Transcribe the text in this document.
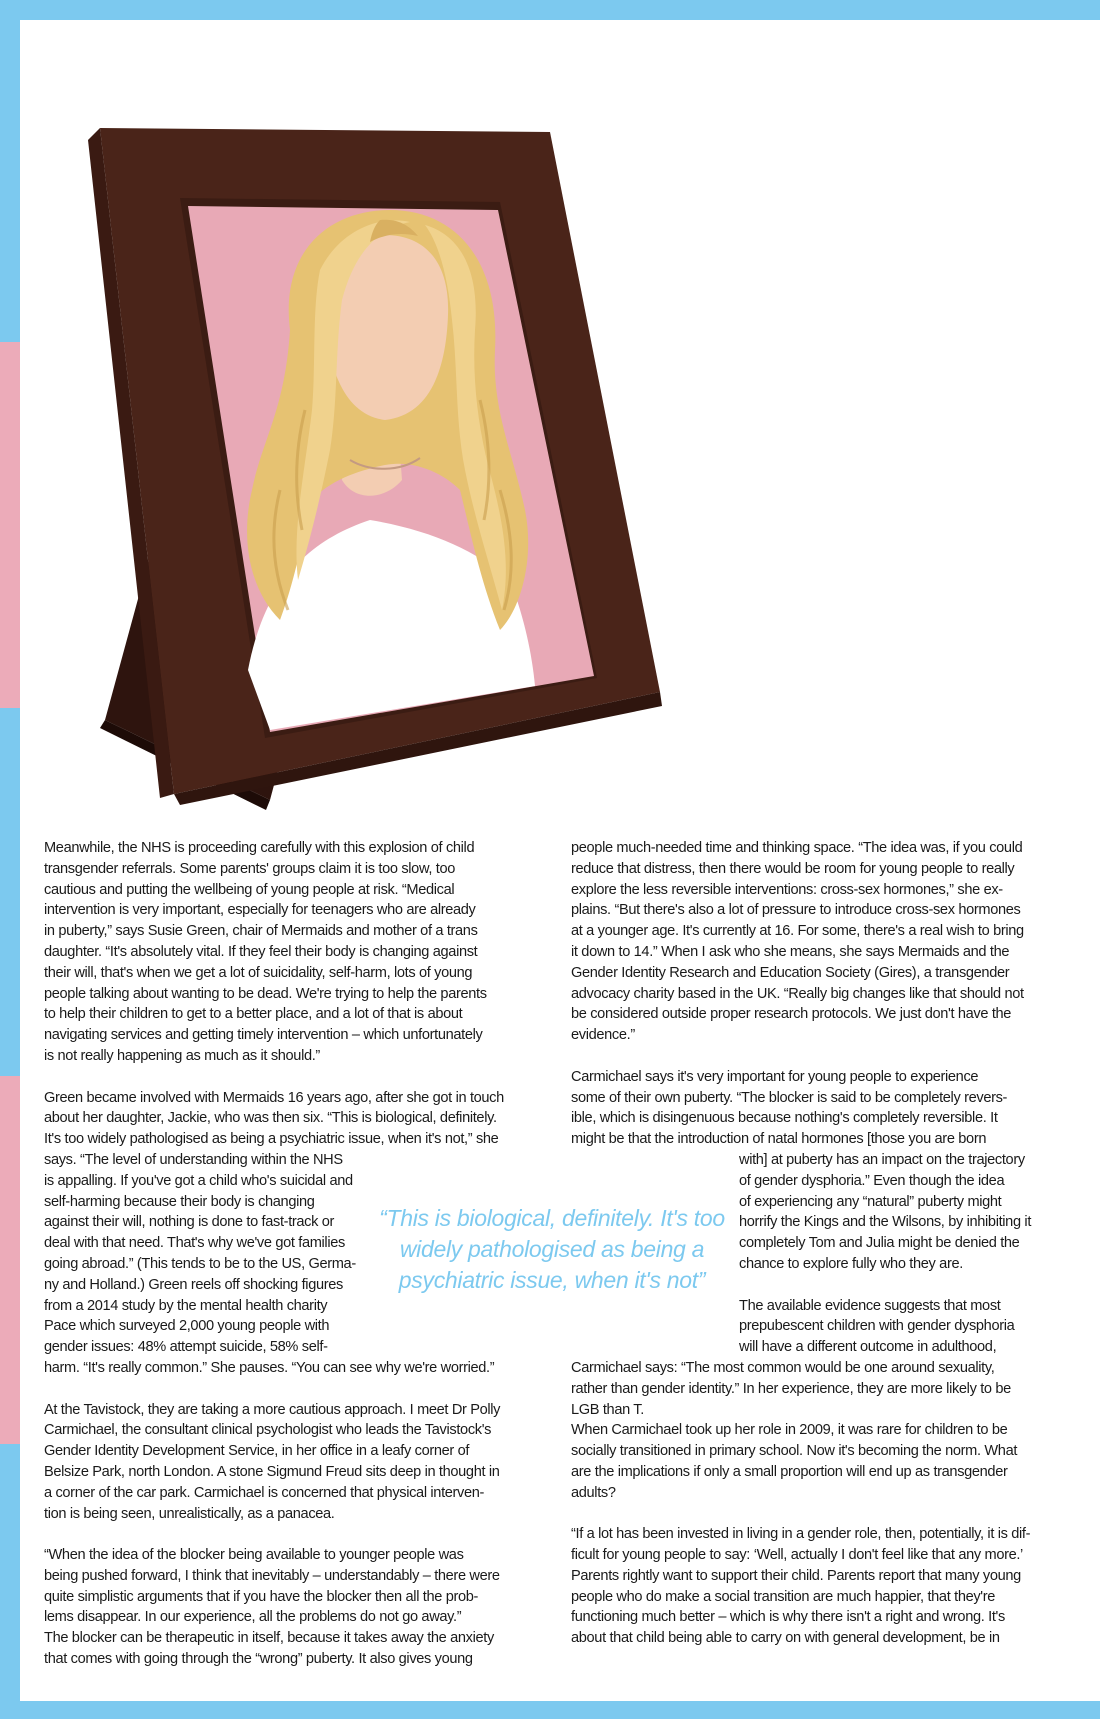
Meanwhile, the NHS is proceeding carefully with this explosion of child
transgender referrals. Some parents' groups claim it is too slow, too
cautious and putting the wellbeing of young people at risk. “Medical
intervention is very important, especially for teenagers who are already
in puberty,” says Susie Green, chair of Mermaids and mother of a trans
daughter. “It's absolutely vital. If they feel their body is changing against
their will, that's when we get a lot of suicidality, self-harm, lots of young
people talking about wanting to be dead. We're trying to help the parents
to help their children to get to a better place, and a lot of that is about
navigating services and getting timely intervention – which unfortunately
is not really happening as much as it should.”

Green became involved with Mermaids 16 years ago, after she got in touch
about her daughter, Jackie, who was then six. “This is biological, definitely.
It's too widely pathologised as being a psychiatric issue, when it's not,” she
says. “The level of understanding within the NHS
is appalling. If you've got a child who's suicidal and
self-harming because their body is changing
against their will, nothing is done to fast-track or
deal with that need. That's why we've got families
going abroad.” (This tends to be to the US, Germa-
ny and Holland.) Green reels off shocking figures
from a 2014 study by the mental health charity
Pace which surveyed 2,000 young people with
gender issues: 48% attempt suicide, 58% self-
harm. “It's really common.” She pauses. “You can see why we're worried.”

At the Tavistock, they are taking a more cautious approach. I meet Dr Polly
Carmichael, the consultant clinical psychologist who leads the Tavistock's
Gender Identity Development Service, in her office in a leafy corner of
Belsize Park, north London. A stone Sigmund Freud sits deep in thought in
a corner of the car park. Carmichael is concerned that physical interven-
tion is being seen, unrealistically, as a panacea.

“When the idea of the blocker being available to younger people was
being pushed forward, I think that inevitably – understandably – there were
quite simplistic arguments that if you have the blocker then all the prob-
lems disappear. In our experience, all the problems do not go away.”
The blocker can be therapeutic in itself, because it takes away the anxiety
that comes with going through the “wrong” puberty. It also gives young

people much-needed time and thinking space. “The idea was, if you could
reduce that distress, then there would be room for young people to really
explore the less reversible interventions: cross-sex hormones,” she ex-
plains. “But there's also a lot of pressure to introduce cross-sex hormones
at a younger age. It's currently at 16. For some, there's a real wish to bring
it down to 14.” When I ask who she means, she says Mermaids and the
Gender Identity Research and Education Society (Gires), a transgender
advocacy charity based in the UK. “Really big changes like that should not
be considered outside proper research protocols. We just don't have the
evidence.”

Carmichael says it's very important for young people to experience
some of their own puberty. “The blocker is said to be completely revers-
ible, which is disingenuous because nothing's completely reversible. It
might be that the introduction of natal hormones [those you are born
with] at puberty has an impact on the trajectory
of gender dysphoria.” Even though the idea
of experiencing any “natural” puberty might
horrify the Kings and the Wilsons, by inhibiting it
completely Tom and Julia might be denied the
chance to explore fully who they are.

The available evidence suggests that most
prepubescent children with gender dysphoria
will have a different outcome in adulthood,
Carmichael says: “The most common would be one around sexuality,
rather than gender identity.” In her experience, they are more likely to be
LGB than T.
When Carmichael took up her role in 2009, it was rare for children to be
socially transitioned in primary school. Now it's becoming the norm. What
are the implications if only a small proportion will end up as transgender
adults?

“If a lot has been invested in living in a gender role, then, potentially, it is dif-
ficult for young people to say: ‘Well, actually I don't feel like that any more.’
Parents rightly want to support their child. Parents report that many young
people who do make a social transition are much happier, that they're
functioning much better – which is why there isn't a right and wrong. It's
about that child being able to carry on with general development, be in

“This is biological, definitely. It's too widely pathologised as being a psychiatric issue, when it's not”
